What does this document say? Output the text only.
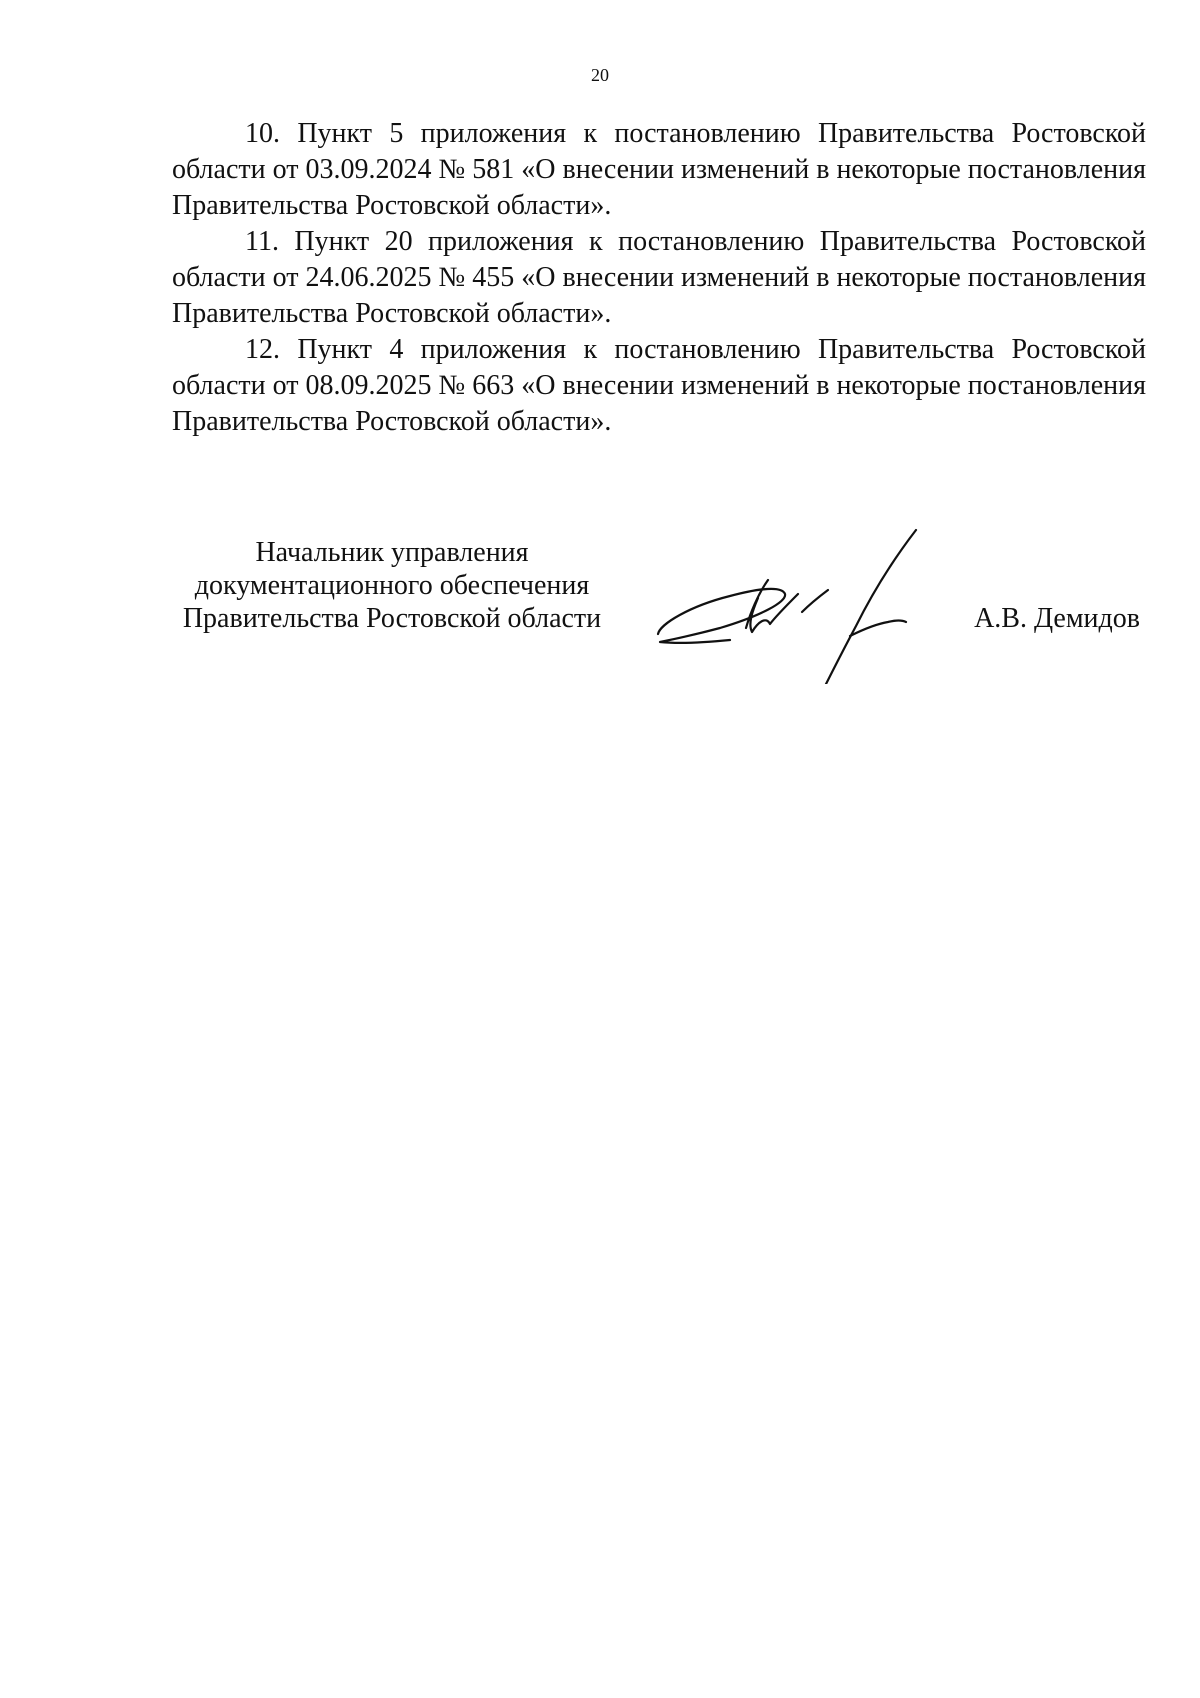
20

10. Пункт 5 приложения к постановлению Правительства Ростовской области от 03.09.2024 № 581 «О внесении изменений в некоторые постановления Правительства Ростовской области».

11. Пункт 20 приложения к постановлению Правительства Ростовской области от 24.06.2025 № 455 «О внесении изменений в некоторые постановления Правительства Ростовской области».

12. Пункт 4 приложения к постановлению Правительства Ростовской области от 08.09.2025 № 663 «О внесении изменений в некоторые постановления Правительства Ростовской области».

Начальник управления
документационного обеспечения
Правительства Ростовской области	А.В. Демидов
